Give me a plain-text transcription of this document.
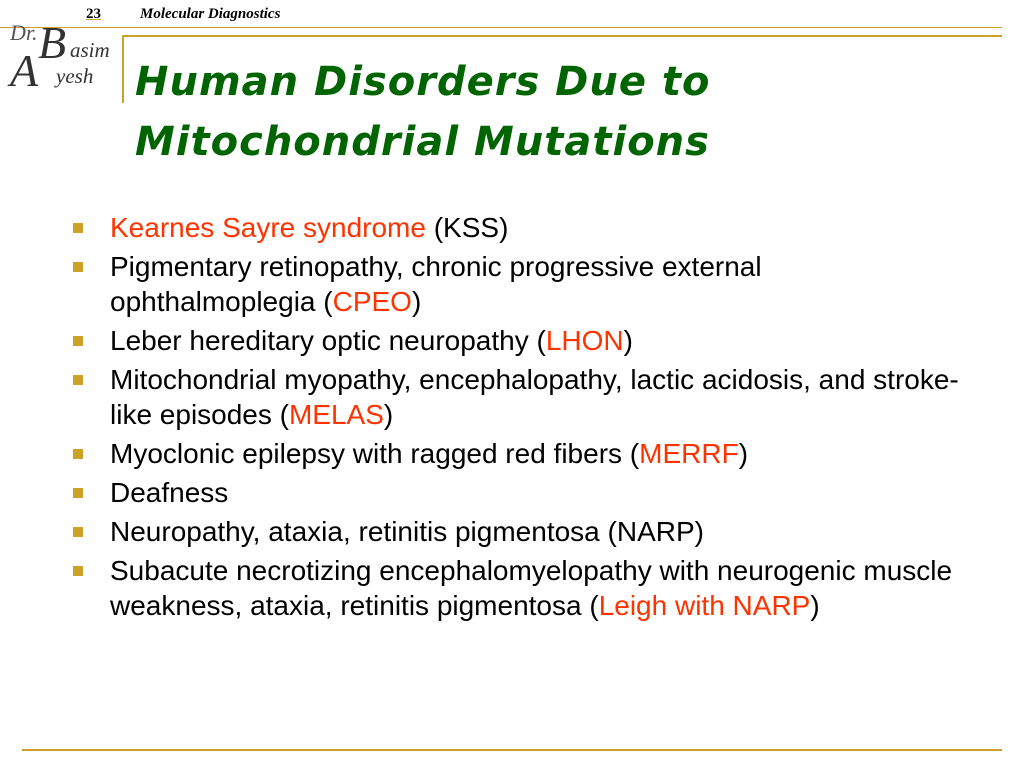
23	Molecular Diagnostics
Dr. B asim
A yesh Human Disorders Due to
Mitochondrial Mutations
Kearnes Sayre syndrome (KSS)
Pigmentary retinopathy, chronic progressive external ophthalmoplegia (CPEO)
Leber hereditary optic neuropathy (LHON)
Mitochondrial myopathy, encephalopathy, lactic acidosis, and stroke-like episodes (MELAS)
Myoclonic epilepsy with ragged red fibers (MERRF)
Deafness
Neuropathy, ataxia, retinitis pigmentosa (NARP)
Subacute necrotizing encephalomyelopathy with neurogenic muscle weakness, ataxia, retinitis pigmentosa (Leigh with NARP)
